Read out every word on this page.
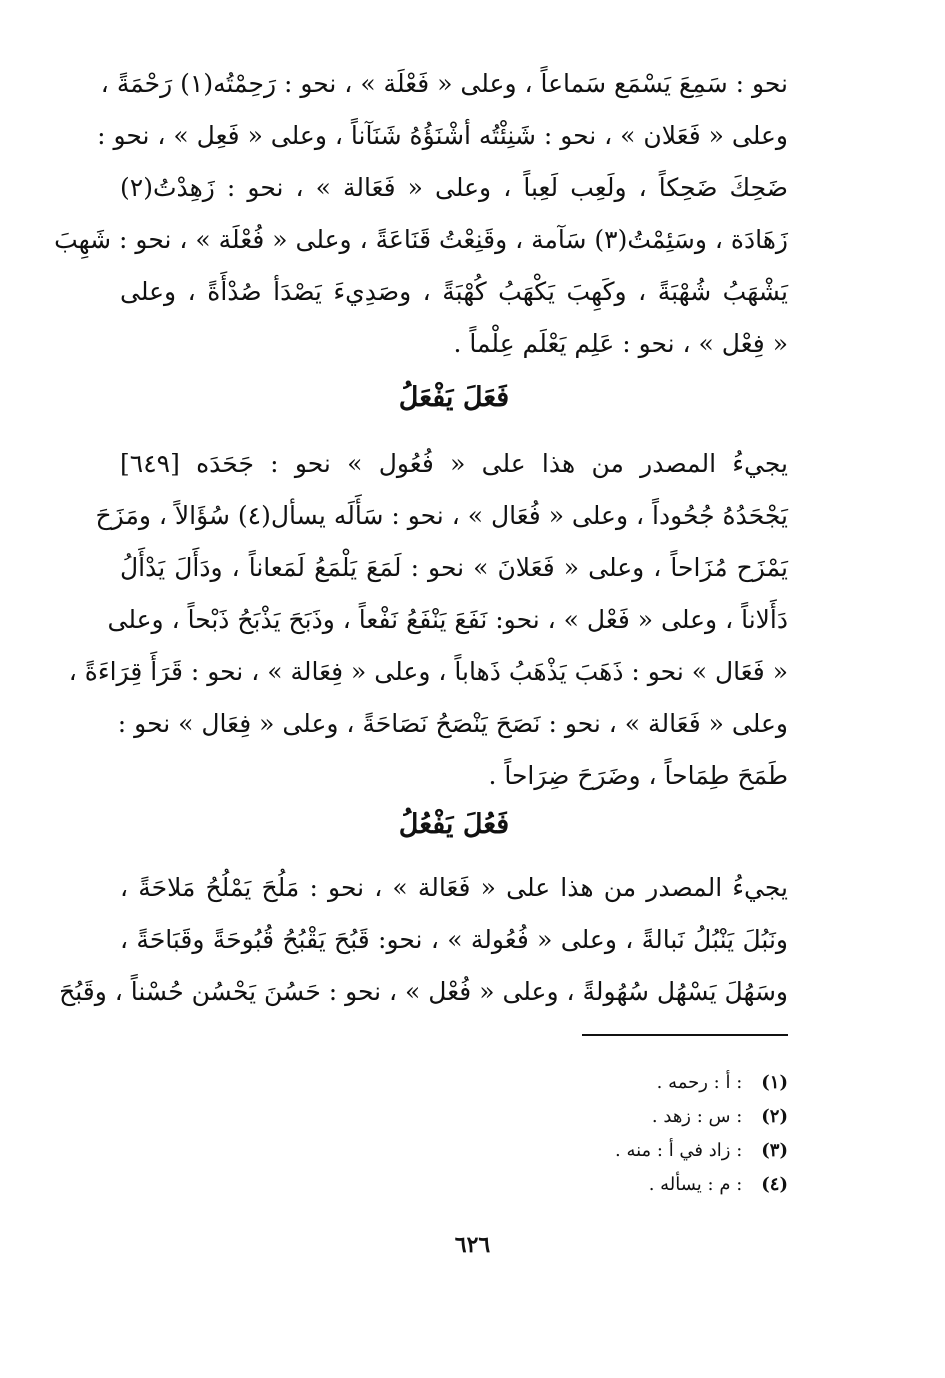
نحو : سَمِعَ يَسْمَع سَماعاً ، وعلى « فَعْلَة » ، نحو : رَحِمْتُه(١) رَحْمَةً ،
وعلى « فَعَلان » ، نحو : شَنِئْتُه أشْنَؤُهُ شَنَآناً ، وعلى « فَعِل » ، نحو :
ضَحِكَ ضَحِكاً ، ولَعِب لَعِباً ، وعلى « فَعَالة » ، نحو : زَهِدْتُ(٢)
زَهَادَة ، وسَئِمْتُ(٣) سَآمة ، وقَنِعْتُ قَنَاعَةً ، وعلى « فُعْلَة » ، نحو : شَهِبَ
يَشْهَبُ شُهْبَةً ، وكَهِبَ يَكْهَبُ كُهْبَةً ، وصَدِيءَ يَصْدَأ صُدْأَةً ، وعلى
« فِعْل » ، نحو : عَلِم يَعْلَم عِلْماً .
فَعَلَ يَفْعَلُ
يجيءُ المصدر من هذا على « فُعُول » نحو : جَحَدَه [٦٤٩]
يَجْحَدُهُ جُحُوداً ، وعلى « فُعَال » ، نحو : سَأَلَه يسأل(٤) سُؤَالاً ، ومَزَحَ
يَمْزَح مُزَاحاً ، وعلى « فَعَلانَ » نحو : لَمَعَ يَلْمَعُ لَمَعاناً ، ودَأَلَ يَدْأَلُ
دَأَلاناً ، وعلى « فَعْل » ، نحو: نَفَعَ يَنْفَعُ نَفْعاً ، وذَبَحَ يَذْبَحُ ذَبْحاً ، وعلى
« فَعَال » نحو : ذَهَبَ يَذْهَبُ ذَهاباً ، وعلى « فِعَالة » ، نحو : قَرَأَ قِرَاءَةً ،
وعلى « فَعَالة » ، نحو : نَصَحَ يَنْصَحُ نَصَاحَةً ، وعلى « فِعَال » نحو :
طَمَحَ طِمَاحاً ، وضَرَحَ ضِرَاحاً .
فَعُلَ يَفْعُلُ
يجيءُ المصدر من هذا على « فَعَالة » ، نحو : مَلُحَ يَمْلُحُ مَلاحَةً ،
ونَبُلَ يَنْبُلُ نَبالةً ، وعلى « فُعُولة » ، نحو: قَبُحَ يَقْبُحُ قُبُوحَةً وقَبَاحَةً ،
وسَهُلَ يَسْهُل سُهُولةً ، وعلى « فُعْل » ، نحو : حَسُنَ يَحْسُن حُسْناً ، وقَبُحَ
(١) : أ : رحمه .
(٢) : س : زهد .
(٣) : زاد في أ : منه .
(٤) : م : يسأله .
٦٢٦
